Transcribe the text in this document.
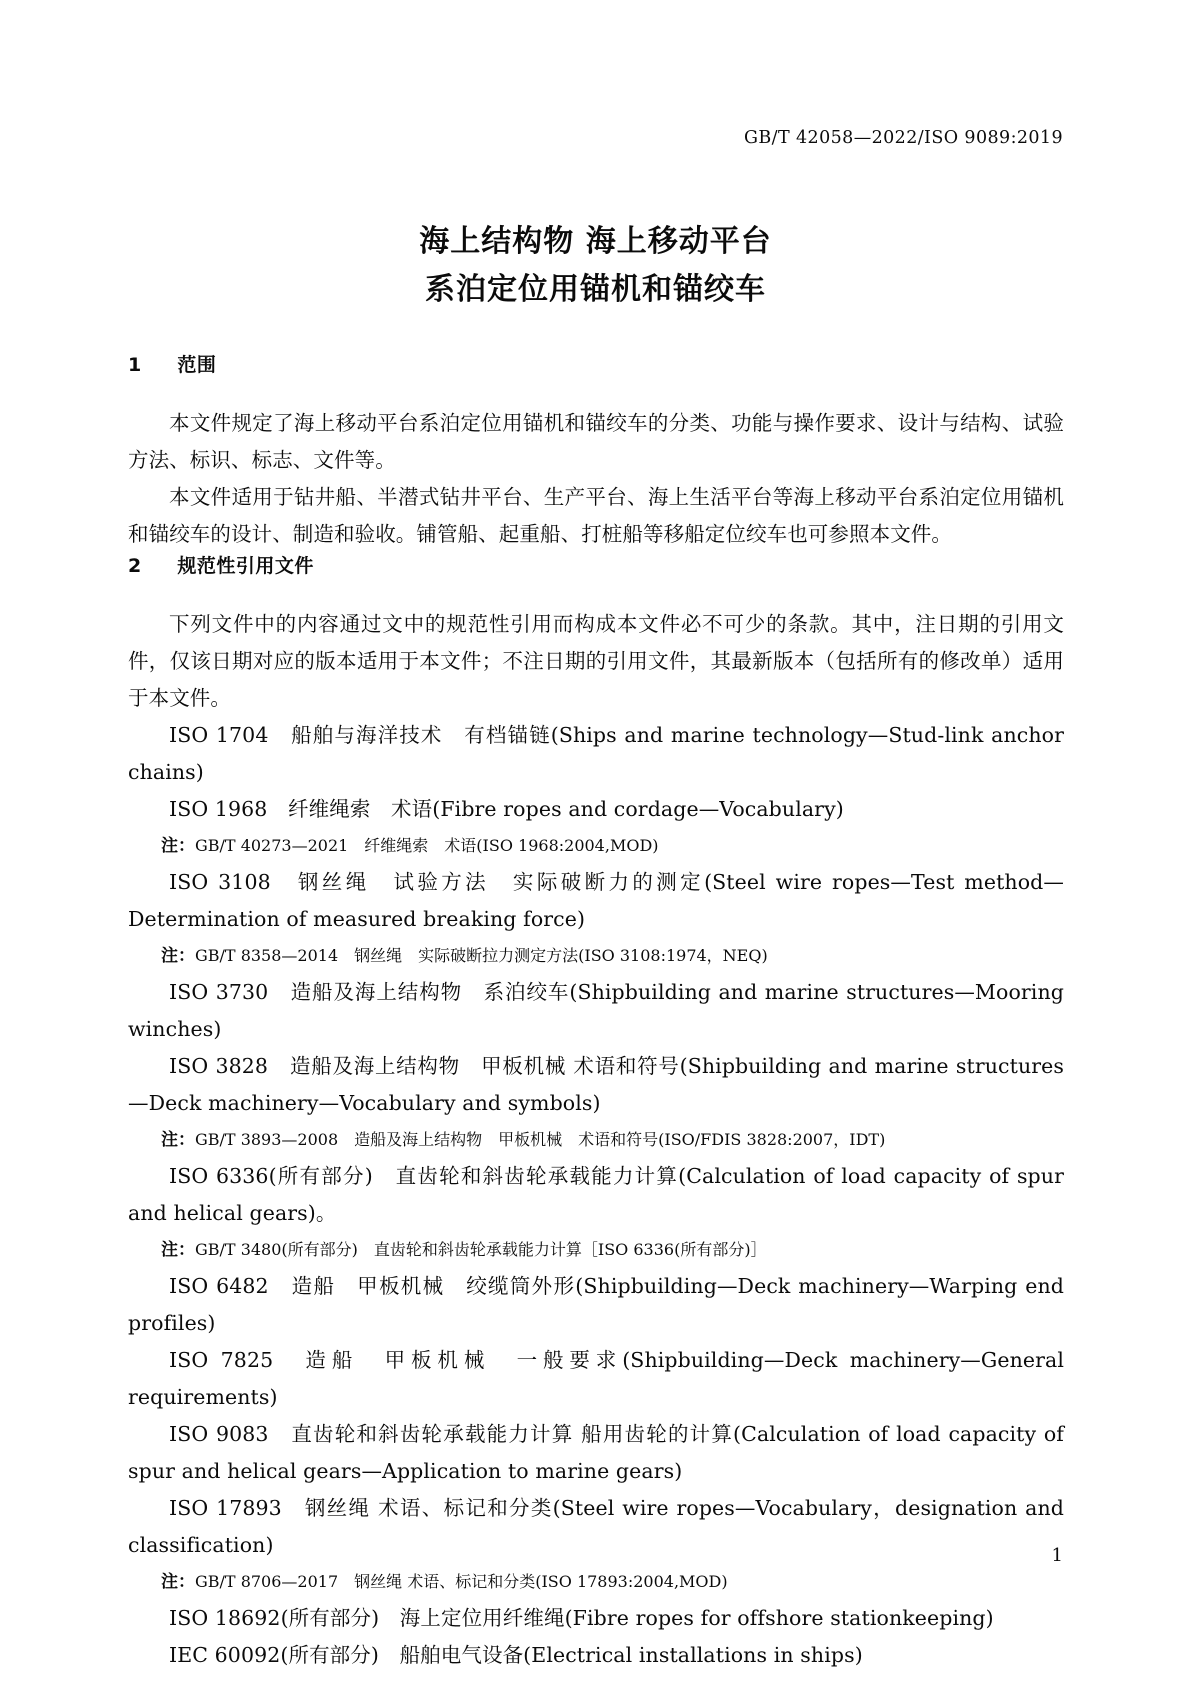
GB/T 42058—2022/ISO 9089:2019
海上结构物 海上移动平台
系泊定位用锚机和锚绞车
1 范围

本文件规定了海上移动平台系泊定位用锚机和锚绞车的分类、功能与操作要求、设计与结构、试验方法、标识、标志、文件等。

本文件适用于钻井船、半潜式钻井平台、生产平台、海上生活平台等海上移动平台系泊定位用锚机和锚绞车的设计、制造和验收。铺管船、起重船、打桩船等移船定位绞车也可参照本文件。

2 规范性引用文件

下列文件中的内容通过文中的规范性引用而构成本文件必不可少的条款。其中，注日期的引用文件，仅该日期对应的版本适用于本文件；不注日期的引用文件，其最新版本（包括所有的修改单）适用于本文件。

ISO 1704　船舶与海洋技术　有档锚链(Ships and marine technology—Stud-link anchor chains)

ISO 1968　纤维绳索　术语(Fibre ropes and cordage—Vocabulary)

注：GB/T 40273—2021　纤维绳索　术语(ISO 1968:2004,MOD)

ISO 3108　钢丝绳　试验方法　实际破断力的测定(Steel wire ropes—Test method—Determination of measured breaking force)

注：GB/T 8358—2014　钢丝绳　实际破断拉力测定方法(ISO 3108:1974，NEQ)

ISO 3730　造船及海上结构物　系泊绞车(Shipbuilding and marine structures—Mooring winches)

ISO 3828　造船及海上结构物　甲板机械 术语和符号(Shipbuilding and marine structures—Deck machinery—Vocabulary and symbols)

注：GB/T 3893—2008　造船及海上结构物　甲板机械　术语和符号(ISO/FDIS 3828:2007，IDT)

ISO 6336(所有部分)　直齿轮和斜齿轮承载能力计算(Calculation of load capacity of spur and helical gears)。

注：GB/T 3480(所有部分)　直齿轮和斜齿轮承载能力计算［ISO 6336(所有部分)］

ISO 6482　造船　甲板机械　绞缆筒外形(Shipbuilding—Deck machinery—Warping end profiles)

ISO 7825　造船　甲板机械　一般要求(Shipbuilding—Deck machinery—General requirements)

ISO 9083　直齿轮和斜齿轮承载能力计算 船用齿轮的计算(Calculation of load capacity of spur and helical gears—Application to marine gears)

ISO 17893　钢丝绳 术语、标记和分类(Steel wire ropes—Vocabulary，designation and classification)

注：GB/T 8706—2017　钢丝绳 术语、标记和分类(ISO 17893:2004,MOD)

ISO 18692(所有部分)　海上定位用纤维绳(Fibre ropes for offshore stationkeeping)

IEC 60092(所有部分)　船舶电气设备(Electrical installations in ships)

1
